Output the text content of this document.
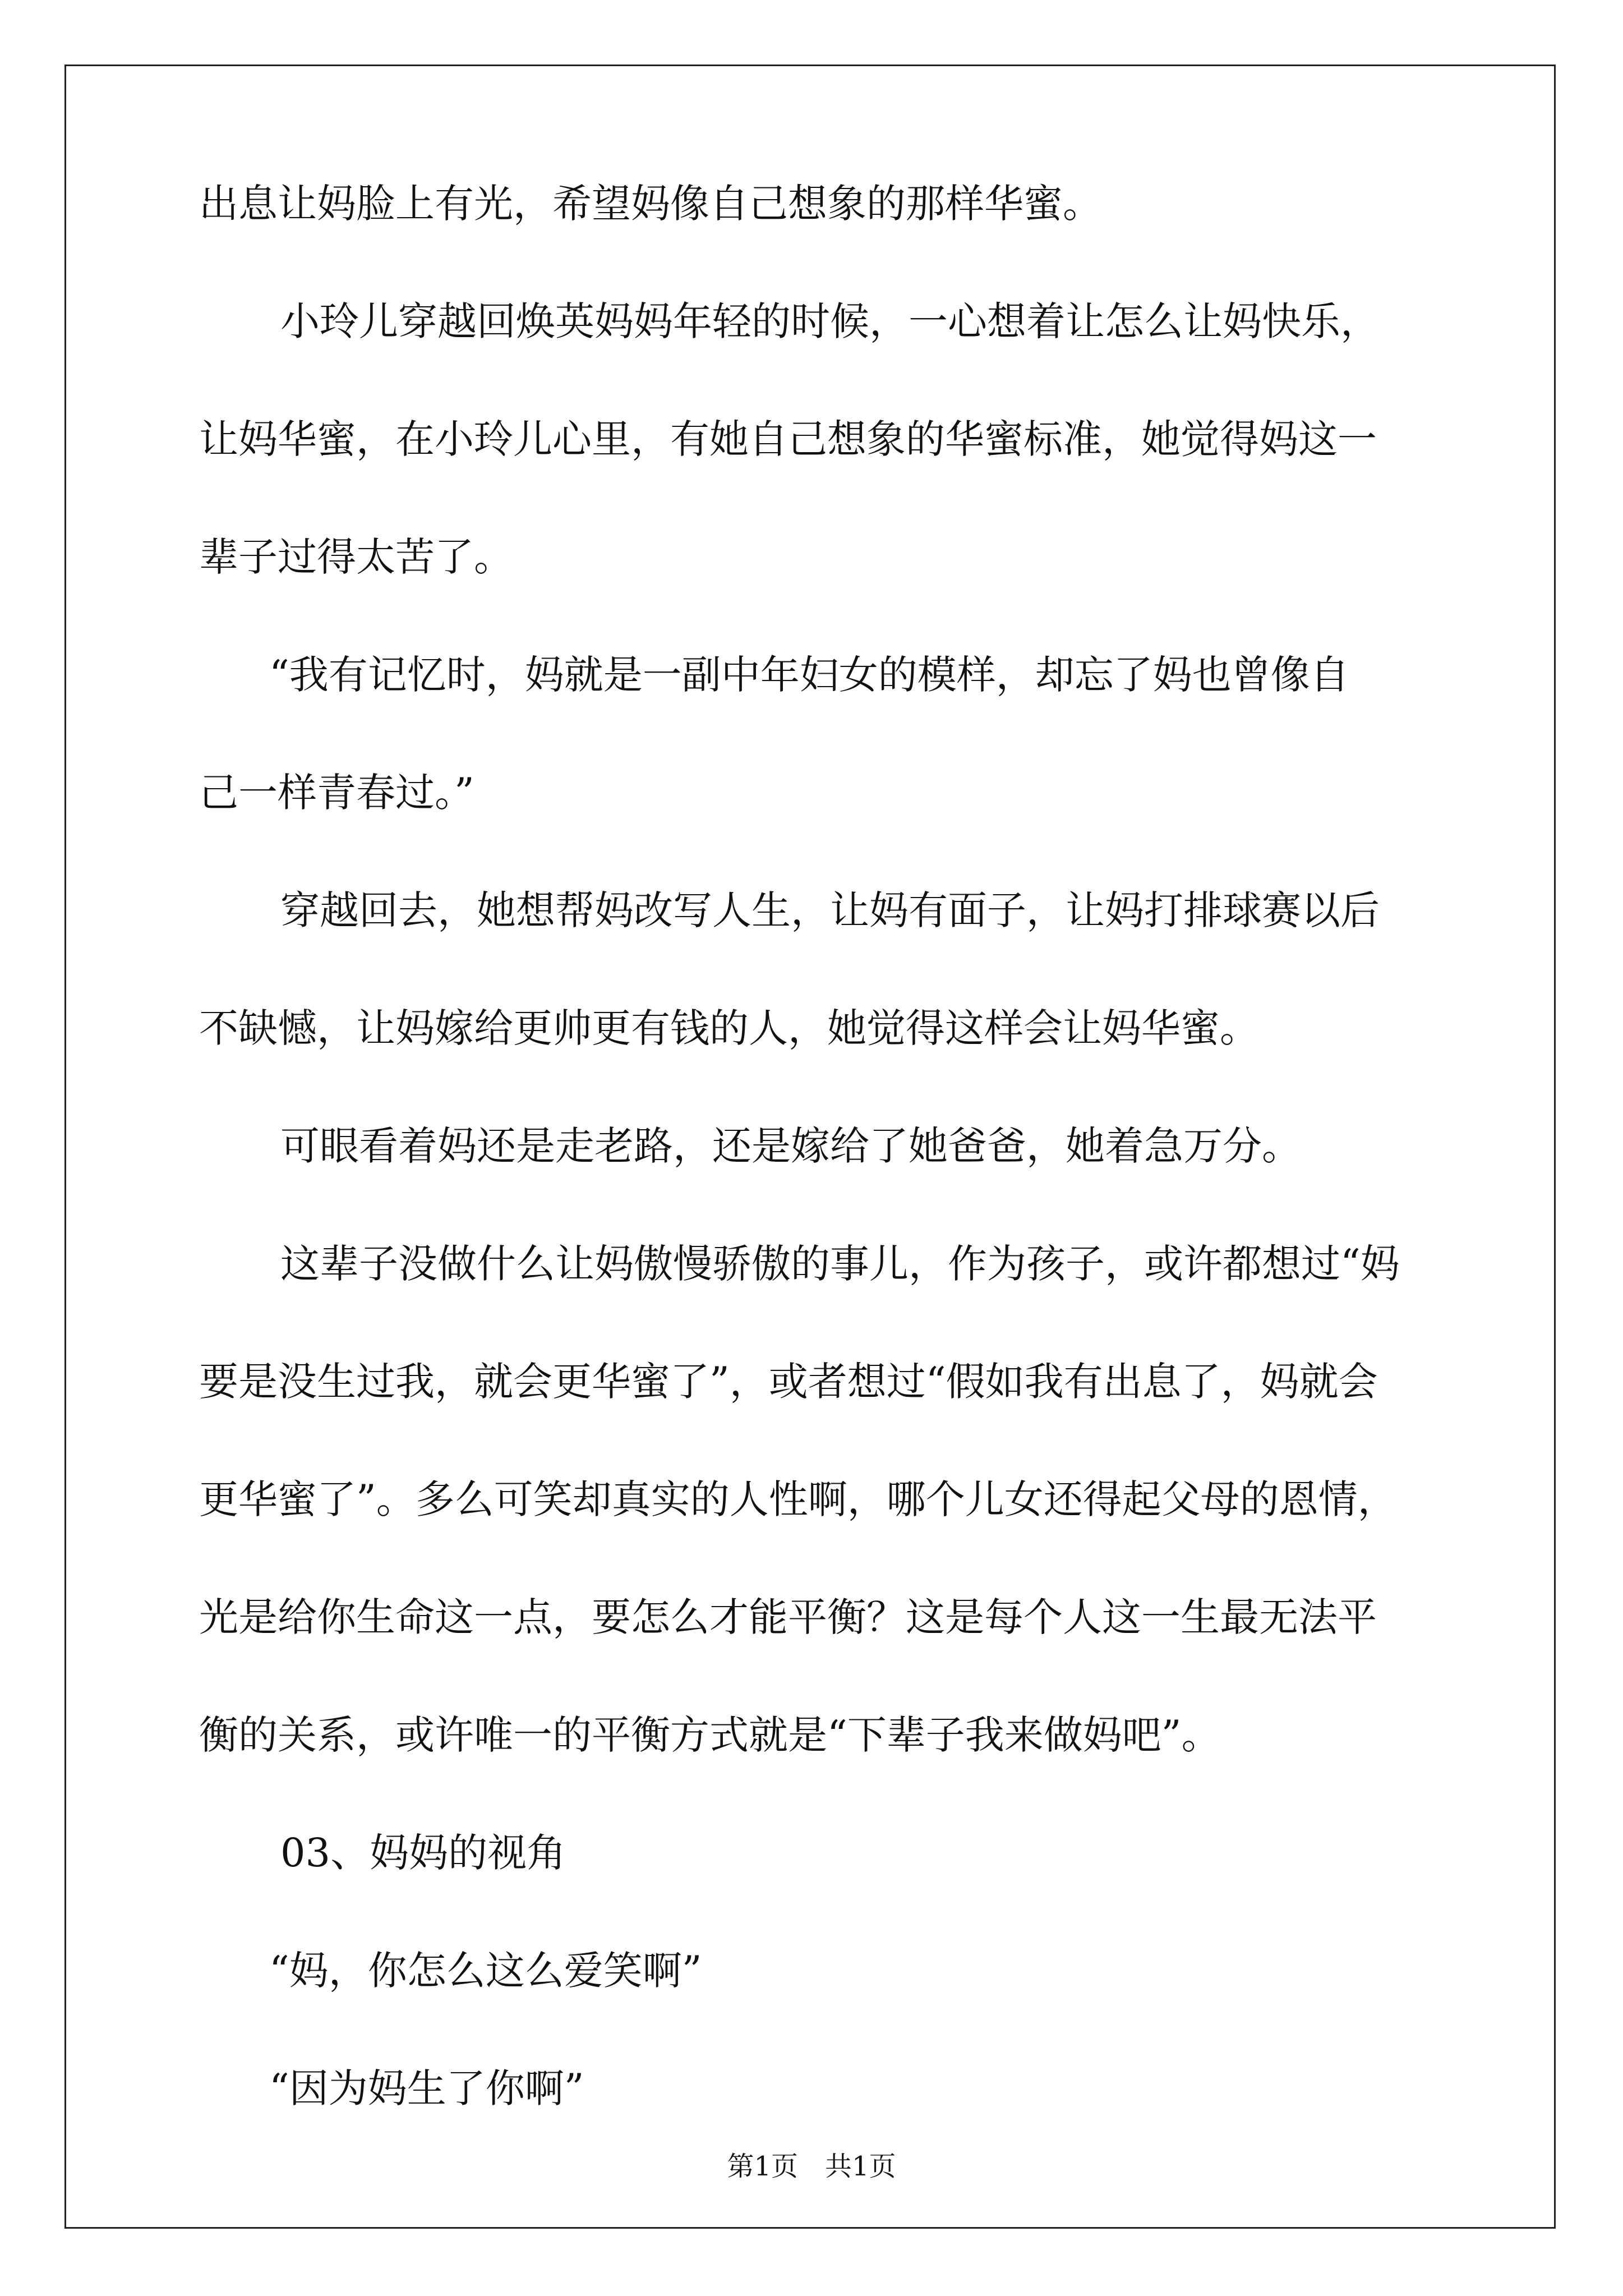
出息让妈脸上有光，希望妈像自己想象的那样华蜜。
小玲儿穿越回焕英妈妈年轻的时候，一心想着让怎么让妈快乐，
让妈华蜜，在小玲儿心里，有她自己想象的华蜜标准，她觉得妈这一
辈子过得太苦了。
“我有记忆时，妈就是一副中年妇女的模样，却忘了妈也曾像自
己一样青春过。”
穿越回去，她想帮妈改写人生，让妈有面子，让妈打排球赛以后
不缺憾，让妈嫁给更帅更有钱的人，她觉得这样会让妈华蜜。
可眼看着妈还是走老路，还是嫁给了她爸爸，她着急万分。
这辈子没做什么让妈傲慢骄傲的事儿，作为孩子，或许都想过“妈
要是没生过我，就会更华蜜了”，或者想过“假如我有出息了，妈就会
更华蜜了”。多么可笑却真实的人性啊，哪个儿女还得起父母的恩情，
光是给你生命这一点，要怎么才能平衡？这是每个人这一生最无法平
衡的关系，或许唯一的平衡方式就是“下辈子我来做妈吧”。
03、妈妈的视角
“妈，你怎么这么爱笑啊”
“因为妈生了你啊”
第1页　共1页
